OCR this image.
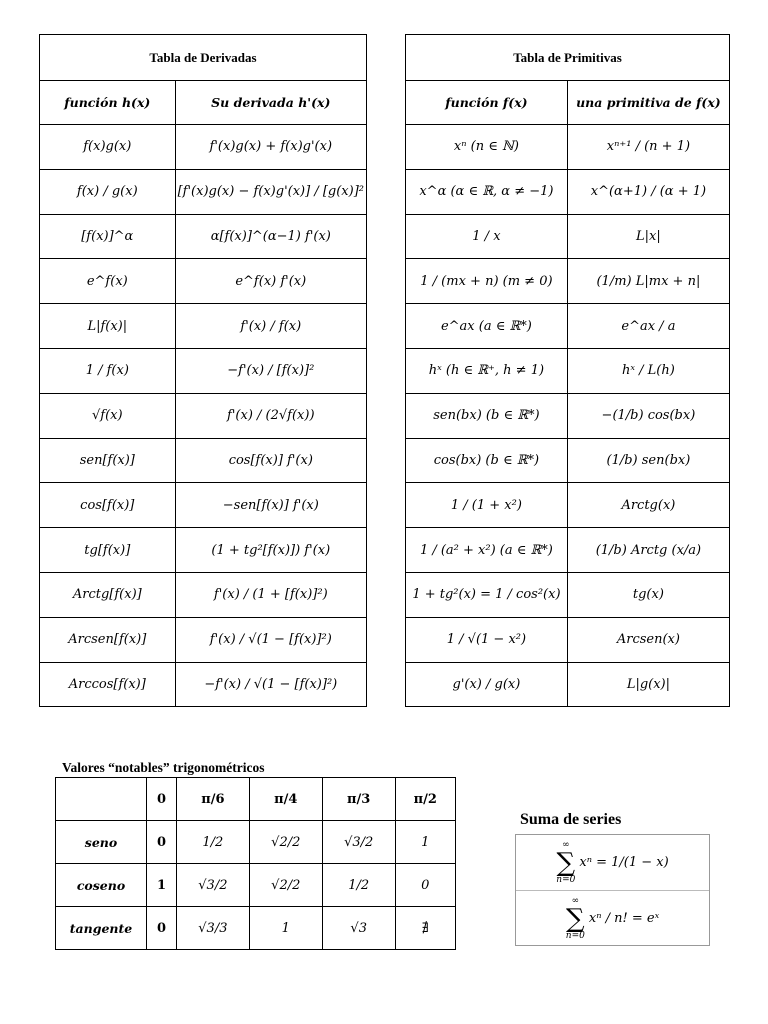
Tabla de Derivadas	
función h(x)	Su derivada h'(x)
f(x)g(x)	f'(x)g(x) + f(x)g'(x)
f(x) / g(x)	[f'(x)g(x) − f(x)g'(x)] / [g(x)]²
[f(x)]^α	α[f(x)]^(α−1) f'(x)
e^f(x)	e^f(x) f'(x)
L|f(x)|	f'(x) / f(x)
1 / f(x)	−f'(x) / [f(x)]²
√f(x)	f'(x) / (2√f(x))
sen[f(x)]	cos[f(x)] f'(x)
cos[f(x)]	−sen[f(x)] f'(x)
tg[f(x)]	(1 + tg²[f(x)]) f'(x)
Arctg[f(x)]	f'(x) / (1 + [f(x)]²)
Arcsen[f(x)]	f'(x) / √(1 − [f(x)]²)
Arccos[f(x)]	−f'(x) / √(1 − [f(x)]²)
Tabla de Primitivas	
función f(x)	una primitiva de f(x)
xⁿ (n ∈ ℕ)	xⁿ⁺¹ / (n + 1)
x^α (α ∈ ℝ, α ≠ −1)	x^(α+1) / (α + 1)
1 / x	L|x|
1 / (mx + n) (m ≠ 0)	(1/m) L|mx + n|
e^ax (a ∈ ℝ*)	e^ax / a
hˣ (h ∈ ℝ⁺, h ≠ 1)	hˣ / L(h)
sen(bx) (b ∈ ℝ*)	−(1/b) cos(bx)
cos(bx) (b ∈ ℝ*)	(1/b) sen(bx)
1 / (1 + x²)	Arctg(x)
1 / (a² + x²) (a ∈ ℝ*)	(1/b) Arctg (x/a)
1 + tg²(x) = 1 / cos²(x)	tg(x)
1 / √(1 − x²)	Arcsen(x)
g'(x) / g(x)	L|g(x)|
Valores “notables” trigonométricos
	0	π/6	π/4	π/3	π/2
seno	0	1/2	√2/2	√3/2	1
coseno	1	√3/2	√2/2	1/2	0
tangente	0	√3/3	1	√3	∄
Suma de series
∞
∑
n=0
xⁿ
= 1/(1 − x)
∞
∑
n=0
xⁿ / n!
= eˣ
